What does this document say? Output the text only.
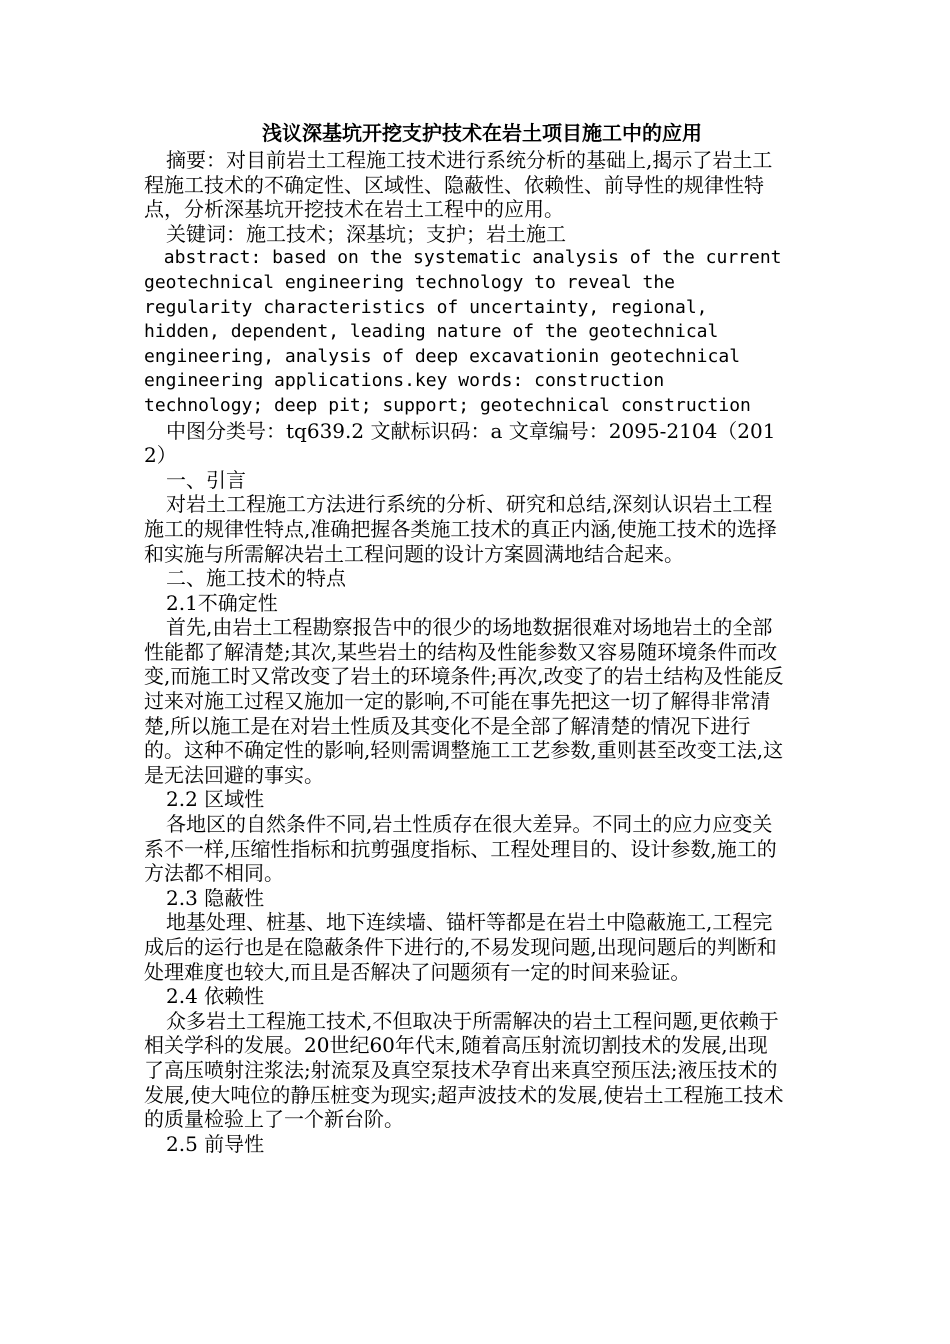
浅议深基坑开挖支护技术在岩土项目施工中的应用

摘要：对目前岩土工程施工技术进行系统分析的基础上,揭示了岩土工程施工技术的不确定性、区域性、隐蔽性、依赖性、前导性的规律性特点，分析深基坑开挖技术在岩土工程中的应用。

关键词：施工技术；深基坑；支护；岩土施工

abstract: based on the systematic analysis of the current geotechnical engineering technology to reveal the regularity characteristics of uncertainty, regional, hidden, dependent, leading nature of the geotechnical engineering, analysis of deep excavationin geotechnical engineering applications.key words: construction technology; deep pit; support; geotechnical construction

中图分类号：tq639.2 文献标识码：a 文章编号：2095-2104（2012）

一、引言

对岩土工程施工方法进行系统的分析、研究和总结,深刻认识岩土工程施工的规律性特点,准确把握各类施工技术的真正内涵,使施工技术的选择和实施与所需解决岩土工程问题的设计方案圆满地结合起来。

二、施工技术的特点

2.1不确定性

首先,由岩土工程勘察报告中的很少的场地数据很难对场地岩土的全部性能都了解清楚;其次,某些岩土的结构及性能参数又容易随环境条件而改变,而施工时又常改变了岩土的环境条件;再次,改变了的岩土结构及性能反过来对施工过程又施加一定的影响,不可能在事先把这一切了解得非常清楚,所以施工是在对岩土性质及其变化不是全部了解清楚的情况下进行的。这种不确定性的影响,轻则需调整施工工艺参数,重则甚至改变工法,这是无法回避的事实。

2.2 区域性

各地区的自然条件不同,岩土性质存在很大差异。不同土的应力应变关系不一样,压缩性指标和抗剪强度指标、工程处理目的、设计参数,施工的方法都不相同。

2.3 隐蔽性

地基处理、桩基、地下连续墙、锚杆等都是在岩土中隐蔽施工,工程完成后的运行也是在隐蔽条件下进行的,不易发现问题,出现问题后的判断和处理难度也较大,而且是否解决了问题须有一定的时间来验证。

2.4 依赖性

众多岩土工程施工技术,不但取决于所需解决的岩土工程问题,更依赖于相关学科的发展。20世纪60年代末,随着高压射流切割技术的发展,出现了高压喷射注浆法;射流泵及真空泵技术孕育出来真空预压法;液压技术的发展,使大吨位的静压桩变为现实;超声波技术的发展,使岩土工程施工技术的质量检验上了一个新台阶。

2.5 前导性
